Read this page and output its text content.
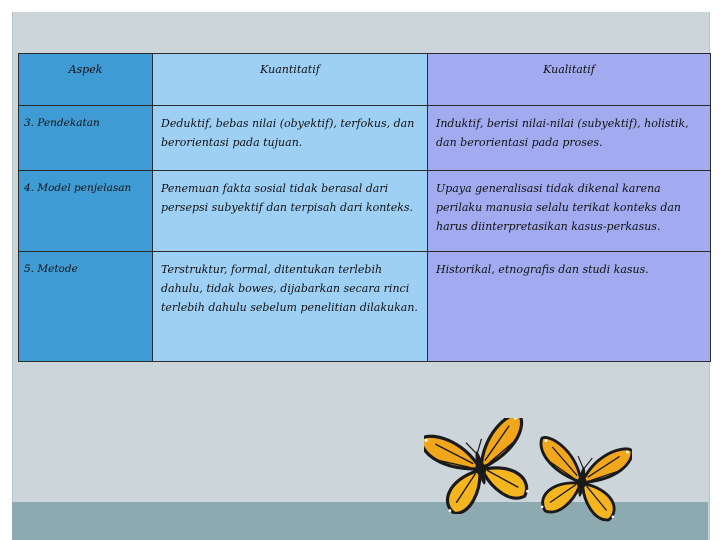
Aspek	Kuantitatif	Kualitatif

3. Pendekatan	Deduktif, bebas nilai (obyektif), terfokus, dan berorientasi pada tujuan.	Induktif, berisi nilai-nilai (subyektif), holistik, dan berorientasi pada proses.

4. Model penjelasan	Penemuan fakta sosial tidak berasal dari persepsi subyektif dan terpisah dari konteks.	Upaya generalisasi tidak dikenal karena perilaku manusia selalu terikat konteks dan harus diinterpretasikan kasus-perkasus.

5. Metode	Terstruktur, formal, ditentukan terlebih dahulu, tidak bowes, dijabarkan secara rinci terlebih dahulu sebelum penelitian dilakukan.	Historikal, etnografis dan studi kasus.
